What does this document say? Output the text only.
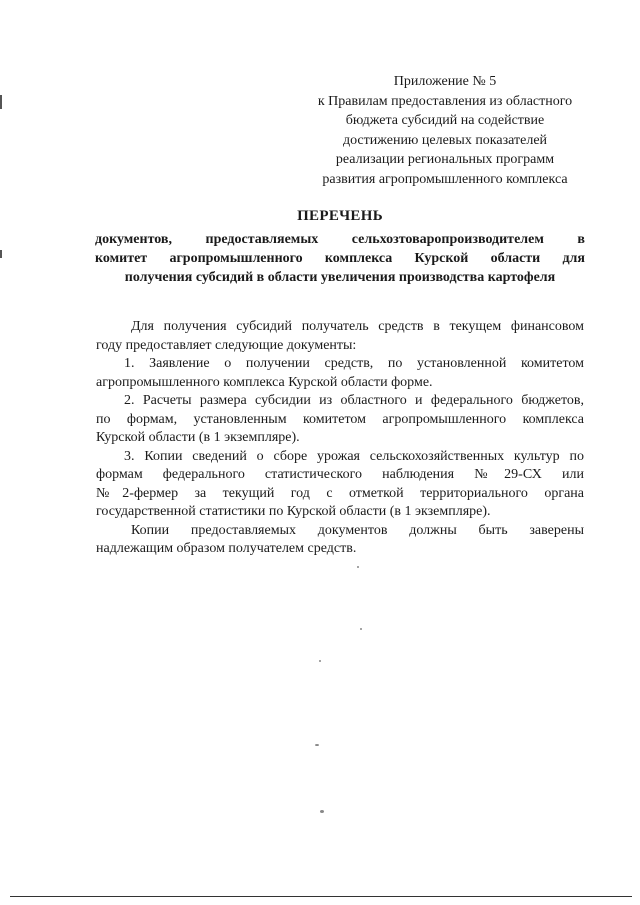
Приложение № 5
к Правилам предоставления из областного
бюджета субсидий на содействие
достижению целевых показателей
реализации региональных программ
развития агропромышленного комплекса
ПЕРЕЧЕНЬ
документов, предоставляемых сельхозтоваропроизводителем в
комитет агропромышленного комплекса Курской области для
получения субсидий в области увеличения производства картофеля
Для получения субсидий получатель средств в текущем финансовом
году предоставляет следующие документы:
1. Заявление о получении средств, по установленной комитетом
агропромышленного комплекса Курской области форме.
2. Расчеты размера субсидии из областного и федерального бюджетов,
по формам, установленным комитетом агропромышленного комплекса
Курской области (в 1 экземпляре).
3. Копии сведений о сборе урожая сельскохозяйственных культур по
формам федерального статистического наблюдения №29-СХ или
№2-фермер за текущий год с отметкой территориального органа
государственной статистики по Курской области (в 1 экземпляре).
Копии предоставляемых документов должны быть заверены
надлежащим образом получателем средств.
